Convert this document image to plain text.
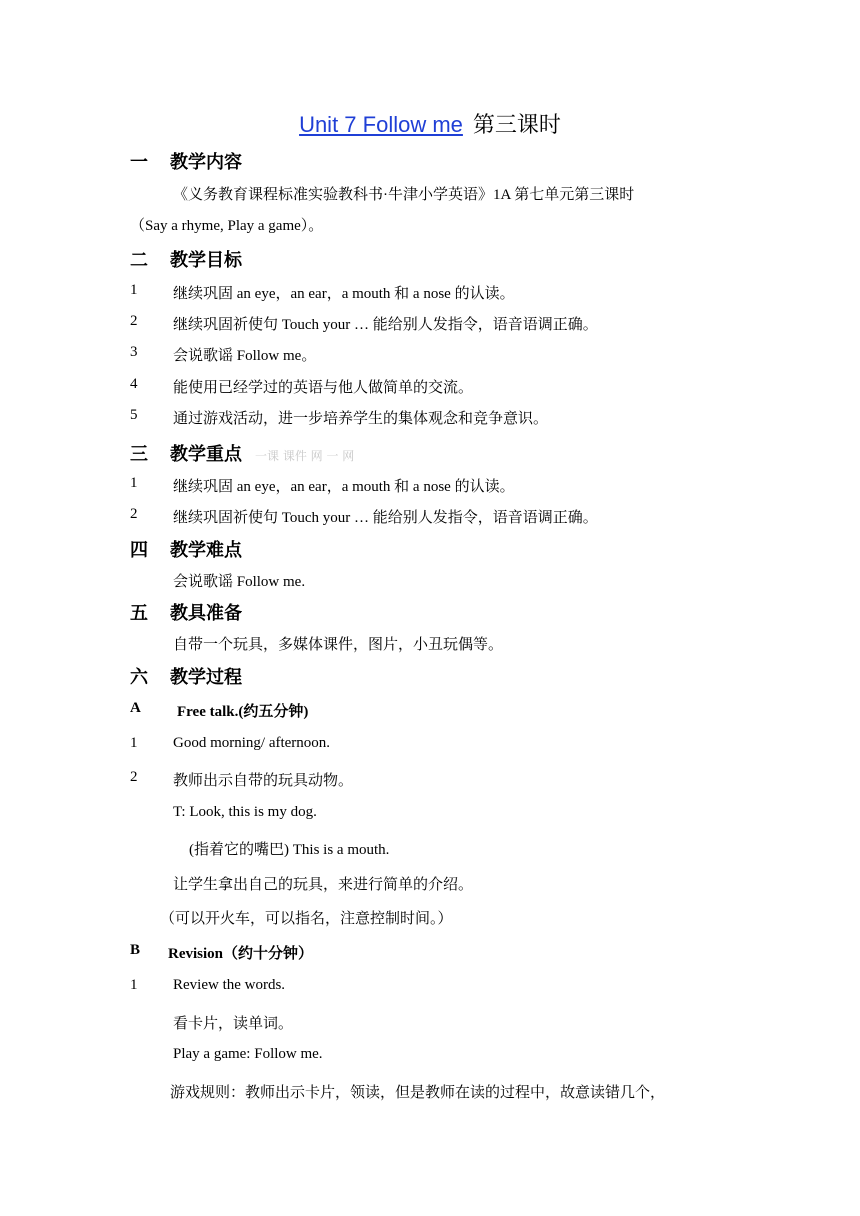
Unit 7 Follow me 第三课时
一 教学内容
《义务教育课程标准实验教科书·牛津小学英语》1A 第七单元第三课时
（Say a rhyme, Play a game）。
二 教学目标
1 继续巩固 an eye，an ear，a mouth 和 a nose 的认读。
2 继续巩固祈使句 Touch your … 能给别人发指令，语音语调正确。
3 会说歌谣 Follow me。
4 能使用已经学过的英语与他人做简单的交流。
5 通过游戏活动，进一步培养学生的集体观念和竞争意识。
三 教学重点 一课 课件 网 一 网
1 继续巩固 an eye，an ear，a mouth 和 a nose 的认读。
2 继续巩固祈使句 Touch your … 能给别人发指令，语音语调正确。
四 教学难点
会说歌谣 Follow me.
五 教具准备
自带一个玩具，多媒体课件，图片，小丑玩偶等。
六 教学过程
A Free talk.(约五分钟)
1 Good morning/ afternoon.
2 教师出示自带的玩具动物。
T: Look, this is my dog.
(指着它的嘴巴) This is a mouth.
让学生拿出自己的玩具，来进行简单的介绍。
（可以开火车，可以指名，注意控制时间。）
B Revision（约十分钟）
1 Review the words.
看卡片，读单词。
Play a game: Follow me.
游戏规则：教师出示卡片，领读，但是教师在读的过程中，故意读错几个，
